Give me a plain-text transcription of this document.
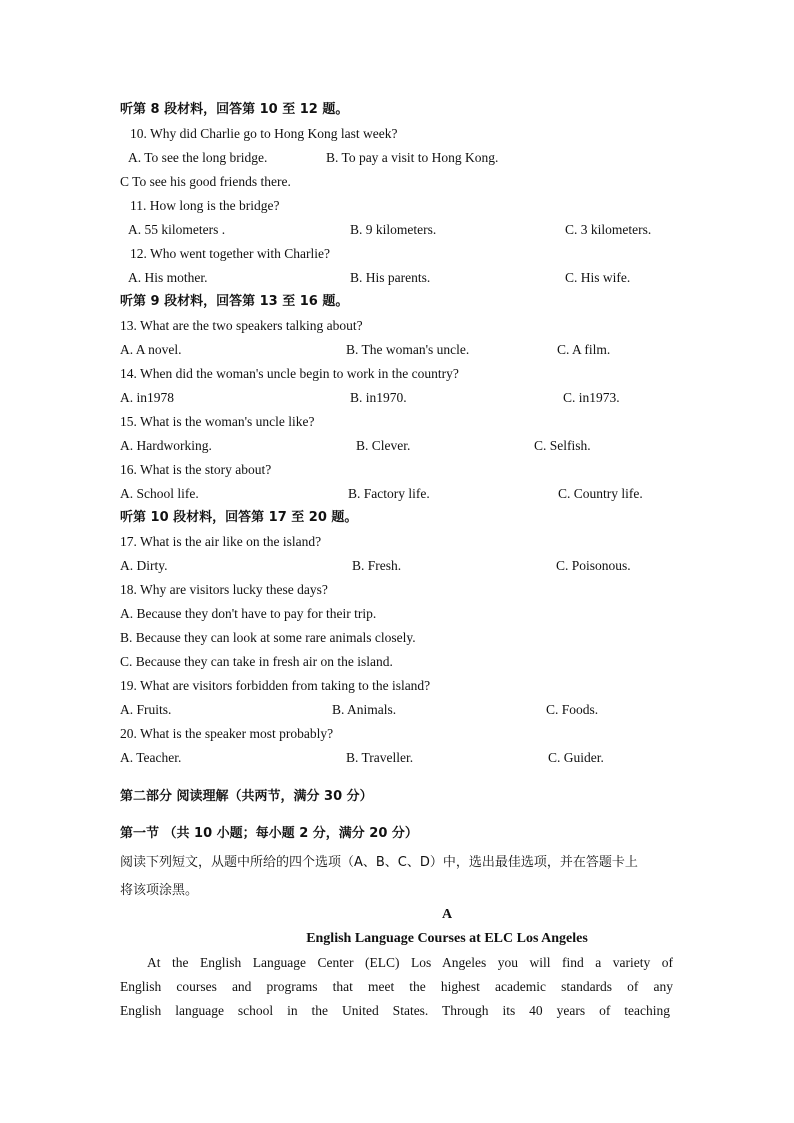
听第 8 段材料，回答第 10 至 12 题。
10. Why did Charlie go to Hong Kong last week?
A. To see the long bridge.	B. To pay a visit to Hong Kong.
C To see his good friends there.
11. How long is the bridge?
A. 55 kilometers .	B. 9 kilometers.	C. 3 kilometers.
12. Who went together with Charlie?
A. His mother.	B. His parents.	C. His wife.
听第 9 段材料，回答第 13 至 16 题。
13. What are the two speakers talking about?
A. A novel.	B. The woman's uncle.	C. A film.
14. When did the woman's uncle begin to work in the country?
A. in1978	B. in1970.	C. in1973.
15. What is the woman's uncle like?
A. Hardworking.	B. Clever.	C. Selfish.
16. What is the story about?
A. School life.	B. Factory life.	C. Country life.
听第 10 段材料，回答第 17 至 20 题。
17. What is the air like on the island?
A. Dirty.	B. Fresh.	C. Poisonous.
18. Why are visitors lucky these days?
A. Because they don't have to pay for their trip.
B. Because they can look at some rare animals closely.
C. Because they can take in fresh air on the island.
19. What are visitors forbidden from taking to the island?
A. Fruits.	B. Animals.	C. Foods.
20. What is the speaker most probably?
A. Teacher.	B. Traveller.	C. Guider.
第二部分 阅读理解（共两节，满分 30 分）
第一节 （共 10 小题；每小题 2 分，满分 20 分）
阅读下列短文，从题中所给的四个选项（A、B、C、D）中，选出最佳选项，并在答题卡上
将该项涂黑。
A
English Language Courses at ELC Los Angeles
At the English Language Center (ELC) Los Angeles you will find a variety of
English courses and programs that meet the highest academic standards of any
English language school in the United States. Through its 40 years of teaching
